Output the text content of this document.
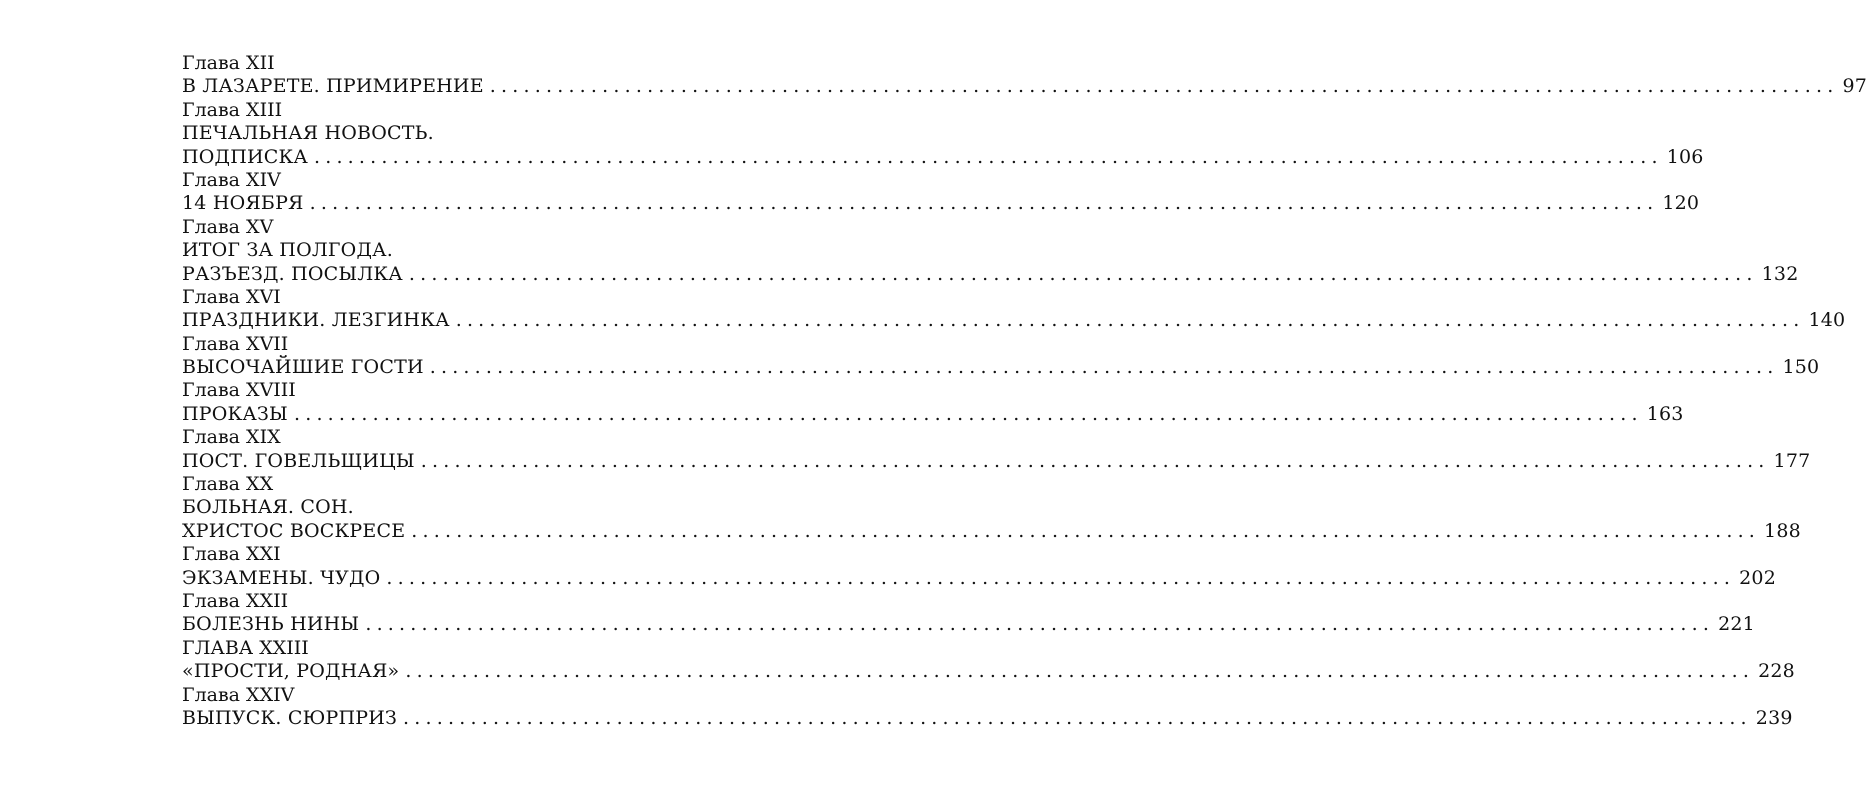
Глава XII
В ЛАЗАРЕТЕ. ПРИМИРЕНИЕ ........................................................................................................................ 97
Глава XIII
ПЕЧАЛЬНАЯ НОВОСТЬ.
ПОДПИСКА ........................................................................................................................ 106
Глава XIV
14 НОЯБРЯ ........................................................................................................................ 120
Глава XV
ИТОГ ЗА ПОЛГОДА.
РАЗЪЕЗД. ПОСЫЛКА ........................................................................................................................ 132
Глава XVI
ПРАЗДНИКИ. ЛЕЗГИНКА ........................................................................................................................ 140
Глава XVII
ВЫСОЧАЙШИЕ ГОСТИ ........................................................................................................................ 150
Глава XVIII
ПРОКАЗЫ ........................................................................................................................ 163
Глава XIX
ПОСТ. ГОВЕЛЬЩИЦЫ ........................................................................................................................ 177
Глава XX
БОЛЬНАЯ. СОН.
ХРИСТОС ВОСКРЕСЕ ........................................................................................................................ 188
Глава XXI
ЭКЗАМЕНЫ. ЧУДО ........................................................................................................................ 202
Глава XXII
БОЛЕЗНЬ НИНЫ ........................................................................................................................ 221
ГЛАВА XXIII
«ПРОСТИ, РОДНАЯ» ........................................................................................................................ 228
Глава XXIV
ВЫПУСК. СЮРПРИЗ ........................................................................................................................ 239
